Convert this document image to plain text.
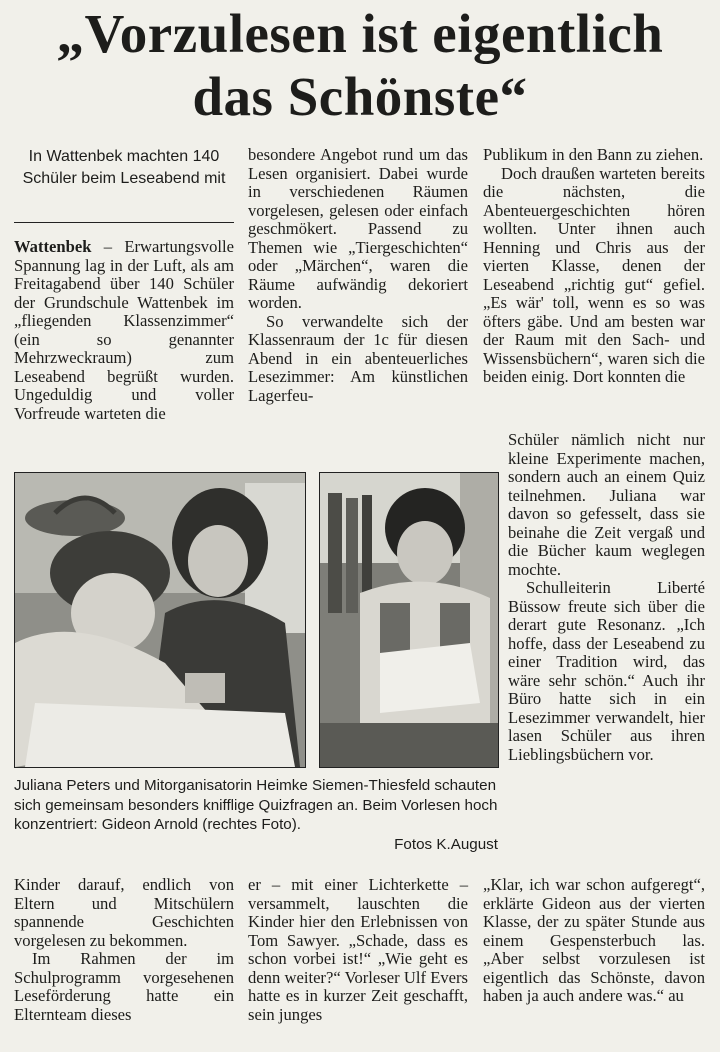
„Vorzulesen ist eigentlich
das Schönste“
In Wattenbek machten 140 Schüler beim Leseabend mit

Wattenbek – Erwartungsvolle Spannung lag in der Luft, als am Freitagabend über 140 Schüler der Grundschule Wattenbek im „fliegenden Klassenzimmer“ (ein so genannter Mehrzweckraum) zum Leseabend begrüßt wurden. Ungeduldig und voller Vorfreude warteten die

besondere Angebot rund um das Lesen organisiert. Dabei wurde in verschiedenen Räumen vorgelesen, gelesen oder einfach geschmökert. Passend zu Themen wie „Tiergeschichten“ oder „Märchen“, waren die Räume aufwändig dekoriert worden.

So verwandelte sich der Klassenraum der 1c für diesen Abend in ein abenteuerliches Lesezimmer: Am künstlichen Lagerfeu-

Publikum in den Bann zu ziehen.

Doch draußen warteten bereits die nächsten, die Abenteuergeschichten hören wollten. Unter ihnen auch Henning und Chris aus der vierten Klasse, denen der Leseabend „richtig gut“ gefiel. „Es wär' toll, wenn es so was öfters gäbe. Und am besten war der Raum mit den Sach- und Wissensbüchern“, waren sich die beiden einig. Dort konnten die

Schüler nämlich nicht nur kleine Experimente machen, sondern auch an einem Quiz teilnehmen. Juliana war davon so gefesselt, dass sie beinahe die Zeit vergaß und die Bücher kaum weglegen mochte.

Schulleiterin Liberté Büssow freute sich über die derart gute Resonanz. „Ich hoffe, dass der Leseabend zu einer Tradition wird, das wäre sehr schön.“ Auch ihr Büro hatte sich in ein Lesezimmer verwandelt, hier lasen Schüler aus ihren Lieblingsbüchern vor.

Juliana Peters und Mitorganisatorin Heimke Siemen-Thiesfeld schauten sich gemeinsam besonders knifflige Quizfragen an. Beim Vorlesen hoch konzentriert: Gideon Arnold (rechtes Foto).

Fotos K.August

„Klar, ich war schon aufgeregt“, erklärte Gideon aus der vierten Klasse, der zu später Stunde aus einem Gespensterbuch las. „Aber selbst vorzulesen ist eigentlich das Schönste, davon haben ja auch andere was.“ au

Kinder darauf, endlich von Eltern und Mitschülern spannende Geschichten vorgelesen zu bekommen.

Im Rahmen der im Schulprogramm vorgesehenen Leseförderung hatte ein Elternteam dieses

er – mit einer Lichterkette – versammelt, lauschten die Kinder hier den Erlebnissen von Tom Sawyer. „Schade, dass es schon vorbei ist!“ „Wie geht es denn weiter?“ Vorleser Ulf Evers hatte es in kurzer Zeit geschafft, sein junges
